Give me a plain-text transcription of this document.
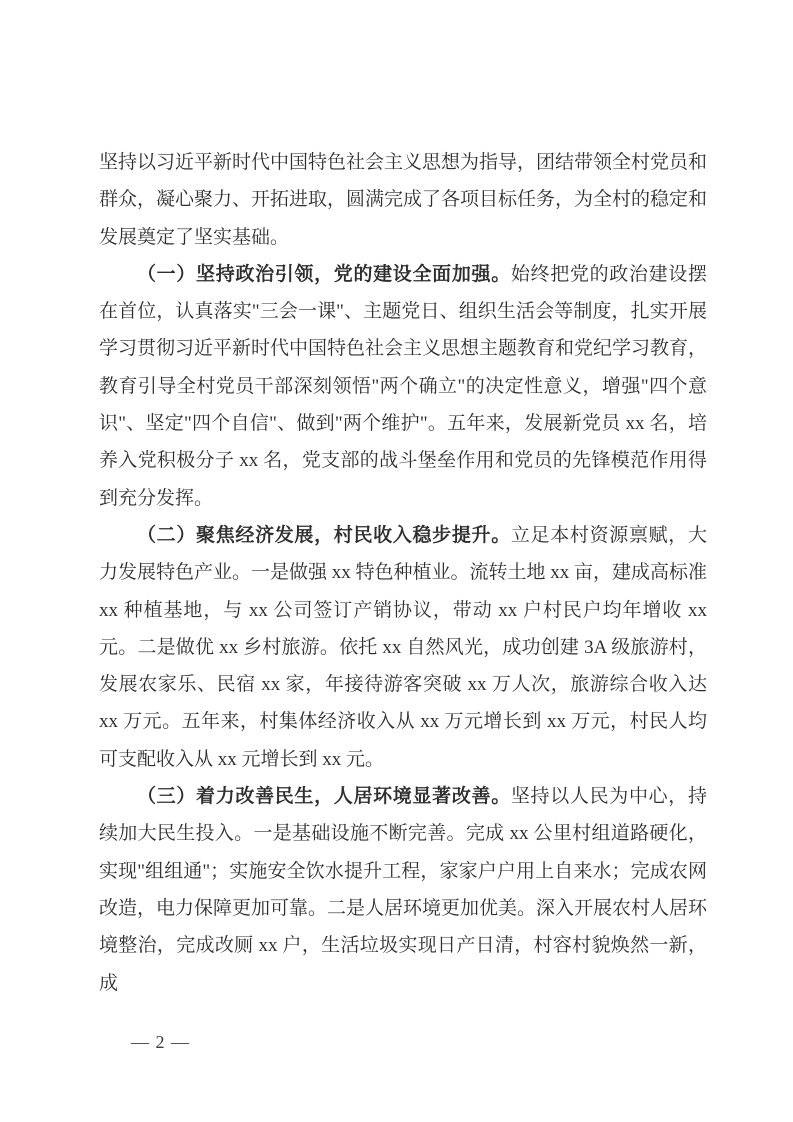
坚持以习近平新时代中国特色社会主义思想为指导，团结带领全村党员和群众，凝心聚力、开拓进取，圆满完成了各项目标任务，为全村的稳定和发展奠定了坚实基础。

（一）坚持政治引领，党的建设全面加强。始终把党的政治建设摆在首位，认真落实"三会一课"、主题党日、组织生活会等制度，扎实开展学习贯彻习近平新时代中国特色社会主义思想主题教育和党纪学习教育，教育引导全村党员干部深刻领悟"两个确立"的决定性意义，增强"四个意识"、坚定"四个自信"、做到"两个维护"。五年来，发展新党员 xx 名，培养入党积极分子 xx 名，党支部的战斗堡垒作用和党员的先锋模范作用得到充分发挥。

（二）聚焦经济发展，村民收入稳步提升。立足本村资源禀赋，大力发展特色产业。一是做强 xx 特色种植业。流转土地 xx 亩，建成高标准 xx 种植基地，与 xx 公司签订产销协议，带动 xx 户村民户均年增收 xx 元。二是做优 xx 乡村旅游。依托 xx 自然风光，成功创建 3A 级旅游村，发展农家乐、民宿 xx 家，年接待游客突破 xx 万人次，旅游综合收入达 xx 万元。五年来，村集体经济收入从 xx 万元增长到 xx 万元，村民人均可支配收入从 xx 元增长到 xx 元。

（三）着力改善民生，人居环境显著改善。坚持以人民为中心，持续加大民生投入。一是基础设施不断完善。完成 xx 公里村组道路硬化，实现"组组通"；实施安全饮水提升工程，家家户户用上自来水；完成农网改造，电力保障更加可靠。二是人居环境更加优美。深入开展农村人居环境整治，完成改厕 xx 户，生活垃圾实现日产日清，村容村貌焕然一新，成

— 2 —
